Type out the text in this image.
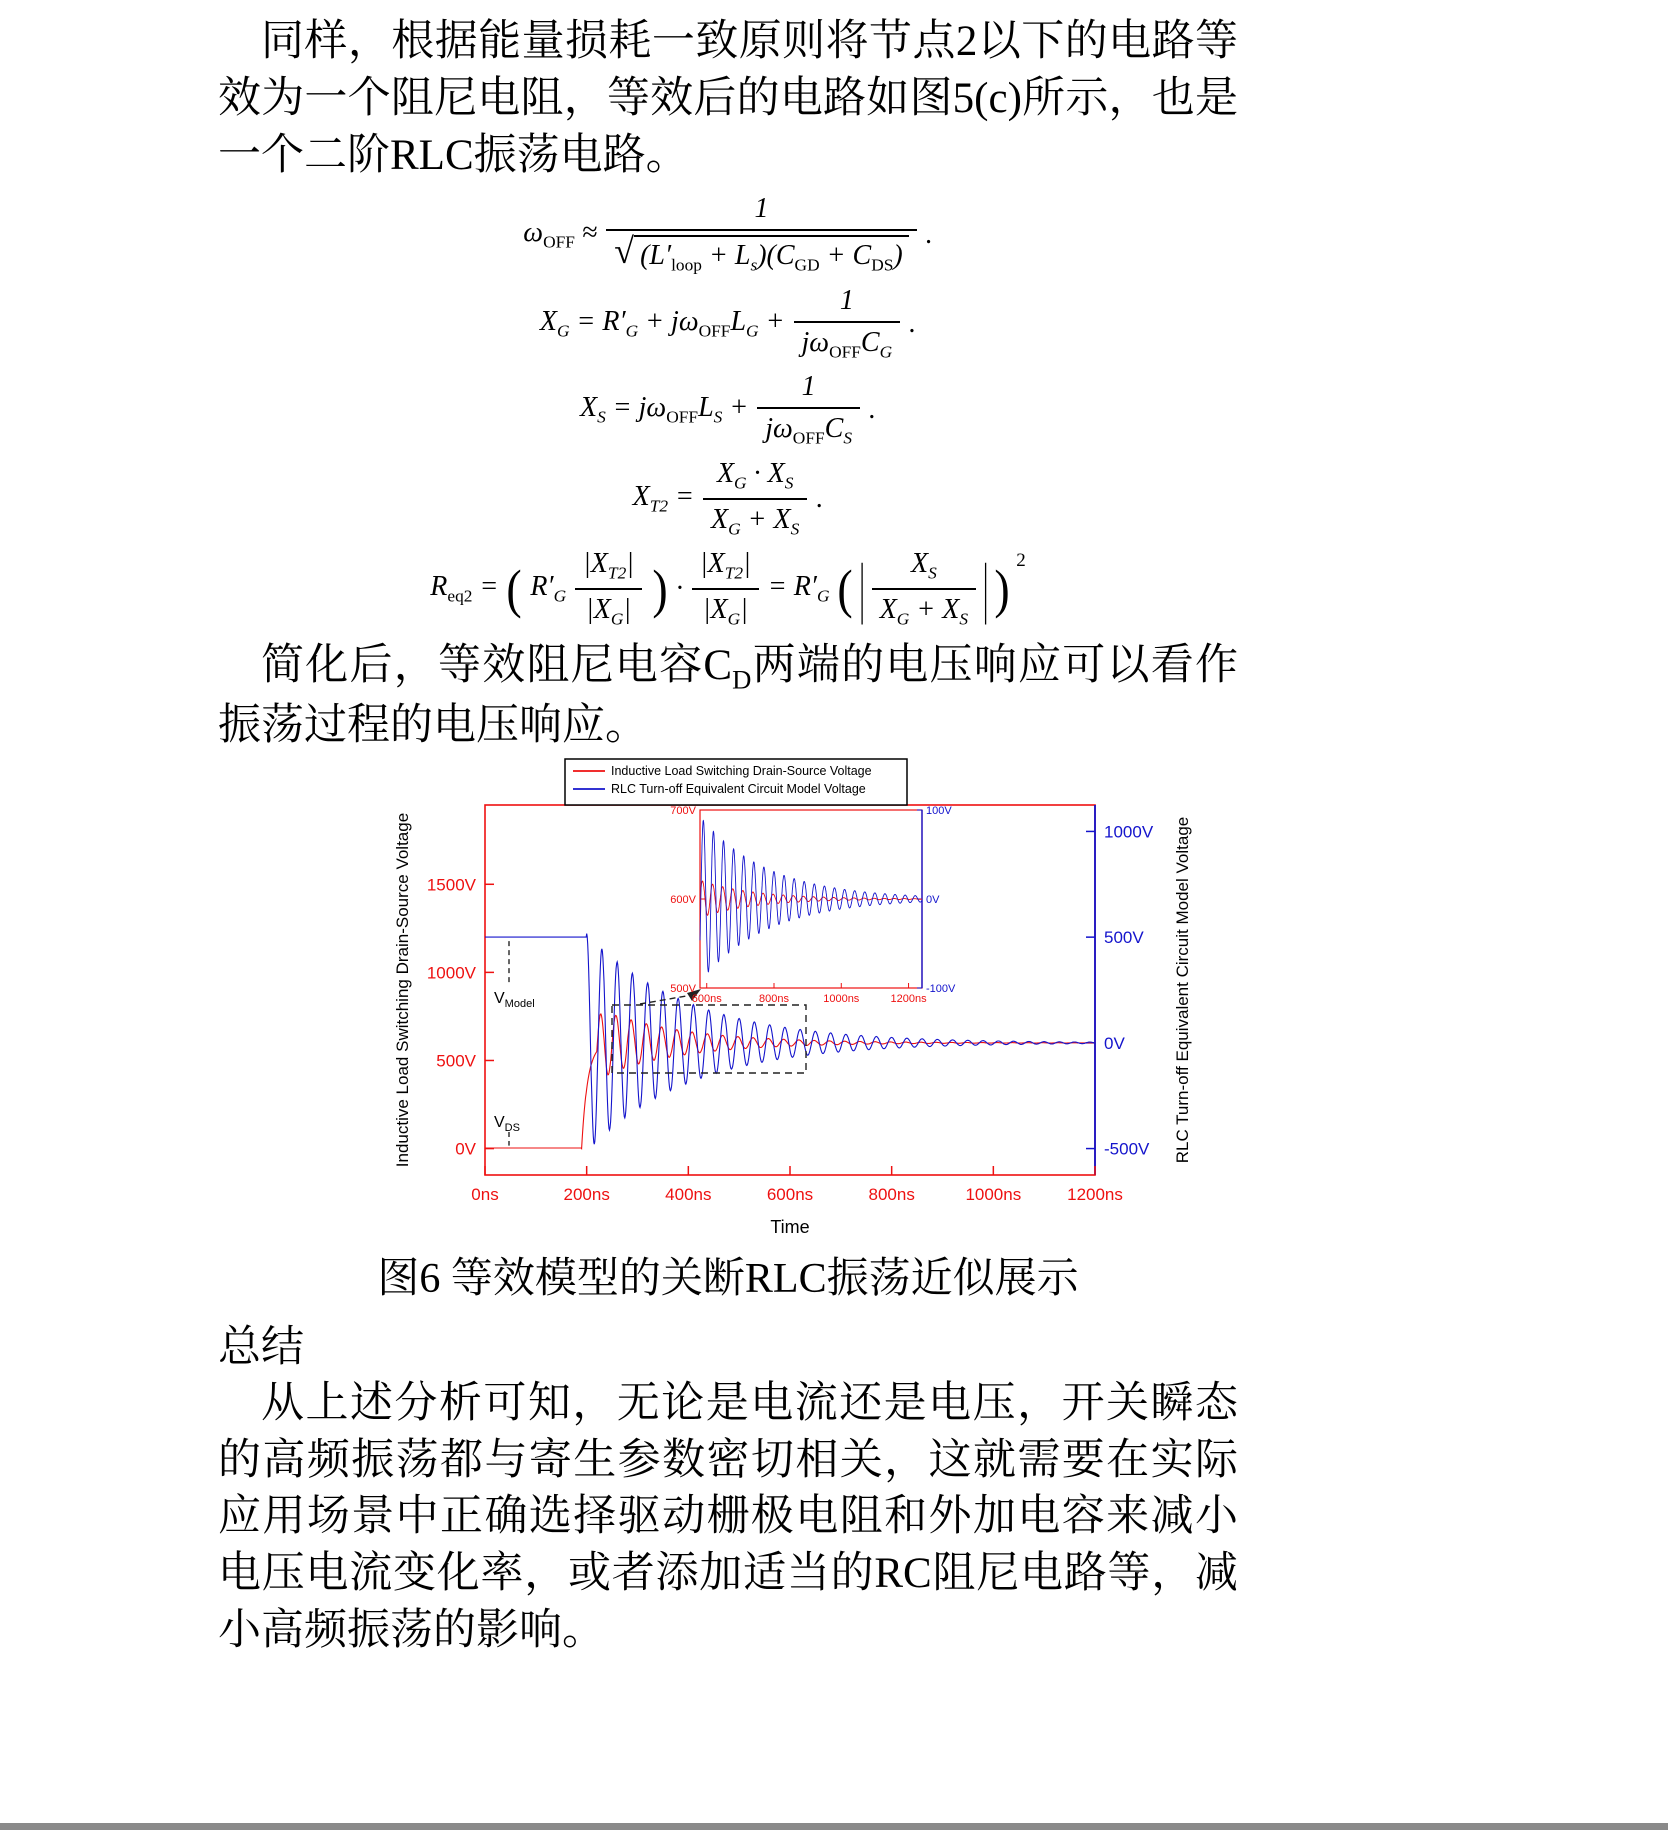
同样，根据能量损耗一致原则将节点2以下的电路等效为一个阻尼电阻，等效后的电路如图5(c)所示，也是一个二阶RLC振荡电路。

$\omega_{OFF} \approx \frac{1}{√ (L'_{loop} + L_s)(C_{GD} + C_{DS})}$ .
$X_G = R'_G + j\omega_{OFF}L_G + \frac{1}{j\omega_{OFF}C_G}$ .
$X_S = j\omega_{OFF}L_S + \frac{1}{j\omega_{OFF}C_S}$ .
$X_{T2} = \frac{X_G \cdot X_S}{X_G + X_S}$ .
$R_{eq2}$ = ( $R'_G \frac{|X_{T2}|}{|X_G|}$ ) · $\frac{|X_{T2}|}{|X_G|} = R'_G$ ( | $\frac{X_S}{X_G + X_S}$ | ) 2

简化后，等效阻尼电容$C_D$两端的电压响应可以看作振荡过程的电压响应。

0V
500V
1000V
1500V
-500V
0V
500V
1000V
0ns	200ns	400ns	600ns	800ns	1000ns	1200ns
Time
Inductive Load Switching Drain-Source Voltage	RLC Turn-off Equivalent Circuit Model Voltage
$V_{Model}$
$V_{DS}$
700V	100V
600V	0V
500V	-100V
600ns	800ns	1000ns	1200ns
Inductive Load Switching Drain-Source Voltage
RLC Turn-off Equivalent Circuit Model Voltage
图6 等效模型的关断RLC振荡近似展示
总结

从上述分析可知，无论是电流还是电压，开关瞬态的高频振荡都与寄生参数密切相关，这就需要在实际应用场景中正确选择驱动栅极电阻和外加电容来减小电压电流变化率，或者添加适当的RC阻尼电路等，减小高频振荡的影响。
